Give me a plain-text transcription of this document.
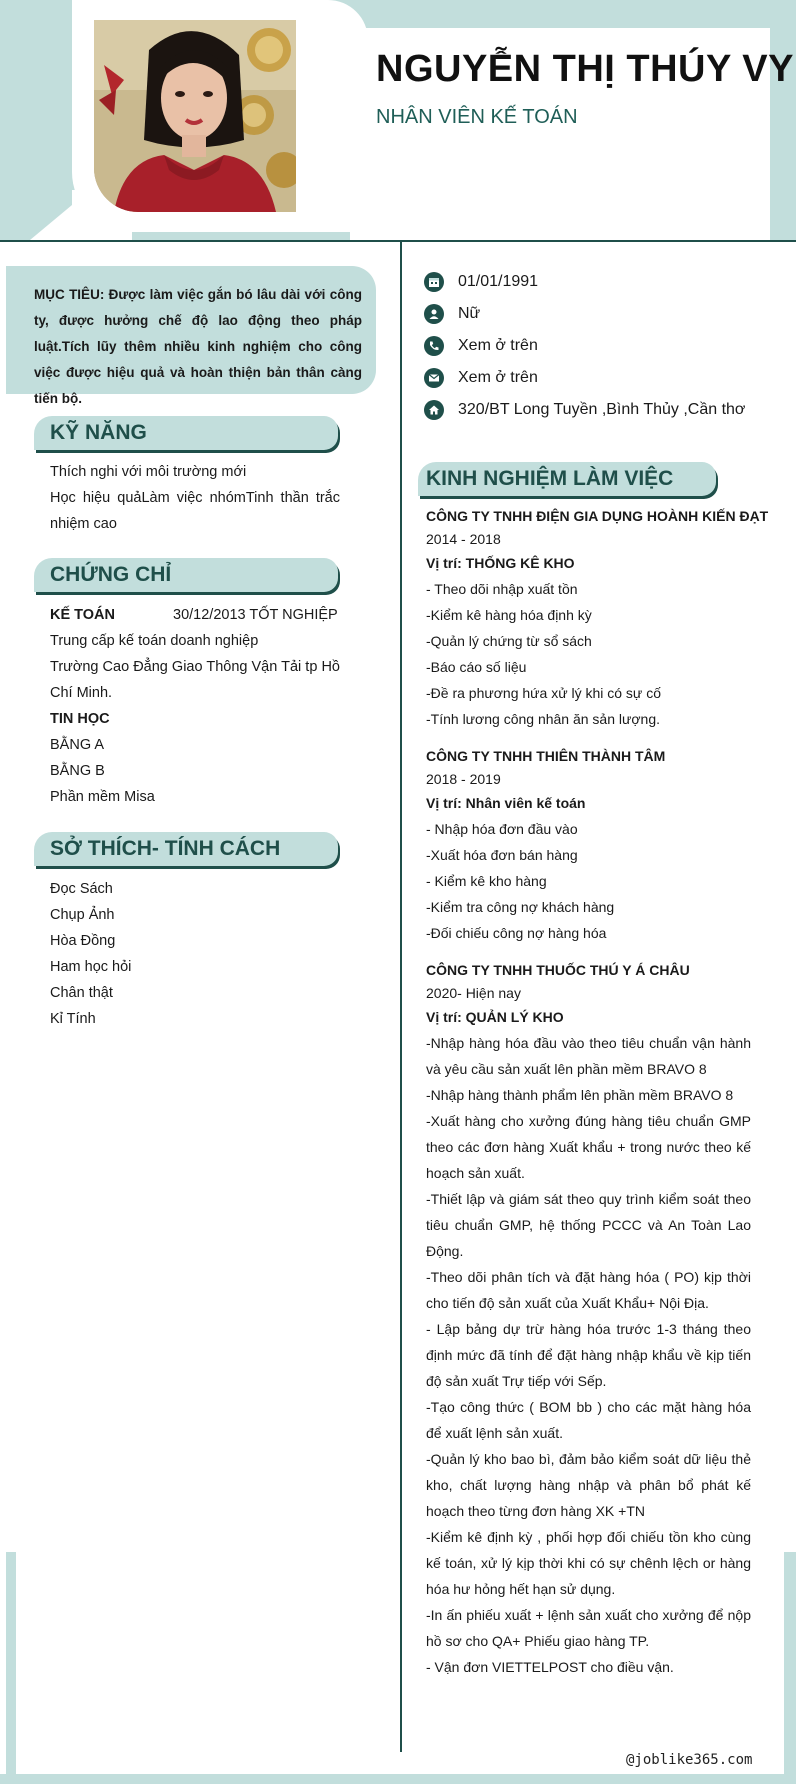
NGUYỄN THỊ THÚY VY
NHÂN VIÊN KẾ TOÁN
MỤC TIÊU: Được làm việc gắn bó lâu dài với công ty, được hưởng chế độ lao động theo pháp luật.Tích lũy thêm nhiều kinh nghiệm cho công việc được hiệu quả và hoàn thiện bản thân càng tiến bộ.
01/01/1991
Nữ
Xem ở trên
Xem ở trên
320/BT Long Tuyền ,Bình Thủy ,Cần thơ
KỸ NĂNG
Thích nghi với môi trường mới
Học hiệu quảLàm việc nhómTinh thần trắc nhiệm cao
CHỨNG CHỈ
KẾ TOÁN	30/12/2013 TỐT NGHIỆP
Trung cấp kế toán doanh nghiệp
Trường Cao Đẳng Giao Thông Vận Tải tp Hồ Chí Minh.
TIN HỌC
BẰNG A
BẰNG B
Phần mềm Misa
SỞ THÍCH- TÍNH CÁCH
Đọc Sách
Chụp Ảnh
Hòa Đồng
Ham học hỏi
Chân thật
Kỉ Tính
KINH NGHIỆM LÀM VIỆC
CÔNG TY TNHH ĐIỆN GIA DỤNG HOÀNH KIẾN ĐẠT
2014 - 2018
Vị trí: THỐNG KÊ KHO
- Theo dõi nhập xuất tồn
-Kiểm kê hàng hóa định kỳ
-Quản lý chứng từ sổ sách
-Báo cáo số liệu
-Đề ra phương hứa xử lý khi có sự cố
-Tính lương công nhân ăn sản lượng.
CÔNG TY TNHH THIÊN THÀNH TÂM
2018 - 2019
Vị trí: Nhân viên kế toán
- Nhập hóa đơn đầu vào
-Xuất hóa đơn bán hàng
- Kiểm kê kho hàng
-Kiểm tra công nợ khách hàng
-Đối chiếu công nợ hàng hóa
CÔNG TY TNHH THUỐC THÚ Y Á CHÂU
2020- Hiện nay
Vị trí: QUẢN LÝ KHO
-Nhập hàng hóa đầu vào theo tiêu chuẩn vận hành và yêu cầu sản xuất lên phần mềm BRAVO 8
-Nhập hàng thành phẩm lên phần mềm BRAVO 8
-Xuất hàng cho xưởng đúng hàng tiêu chuẩn GMP theo các đơn hàng Xuất khẩu + trong nước theo kế hoạch sản xuất.
-Thiết lập và giám sát theo quy trình kiểm soát theo tiêu chuẩn GMP, hệ thống PCCC và An Toàn Lao Động.
-Theo dõi phân tích và đặt hàng hóa ( PO) kịp thời cho tiến độ sản xuất của Xuất Khẩu+ Nội Địa.
- Lập bảng dự trừ hàng hóa trước 1-3 tháng theo định mức đã tính để đặt hàng nhập khẩu về kịp tiến độ sản xuất Trự tiếp với Sếp.
-Tạo công thức ( BOM bb ) cho các mặt hàng hóa để xuất lệnh sản xuất.
-Quản lý kho bao bì, đảm bảo kiểm soát dữ liệu thẻ kho, chất lượng hàng nhập và phân bổ phát kế hoạch theo từng đơn hàng XK +TN
-Kiểm kê định kỳ , phối hợp đối chiếu tồn kho cùng kế toán, xử lý kịp thời khi có sự chênh lệch or hàng hóa hư hỏng hết hạn sử dụng.
-In ấn phiếu xuất + lệnh sản xuất cho xưởng để nộp hồ sơ cho QA+ Phiếu giao hàng TP.
- Vận đơn VIETTELPOST cho điều vận.
@joblike365.com
